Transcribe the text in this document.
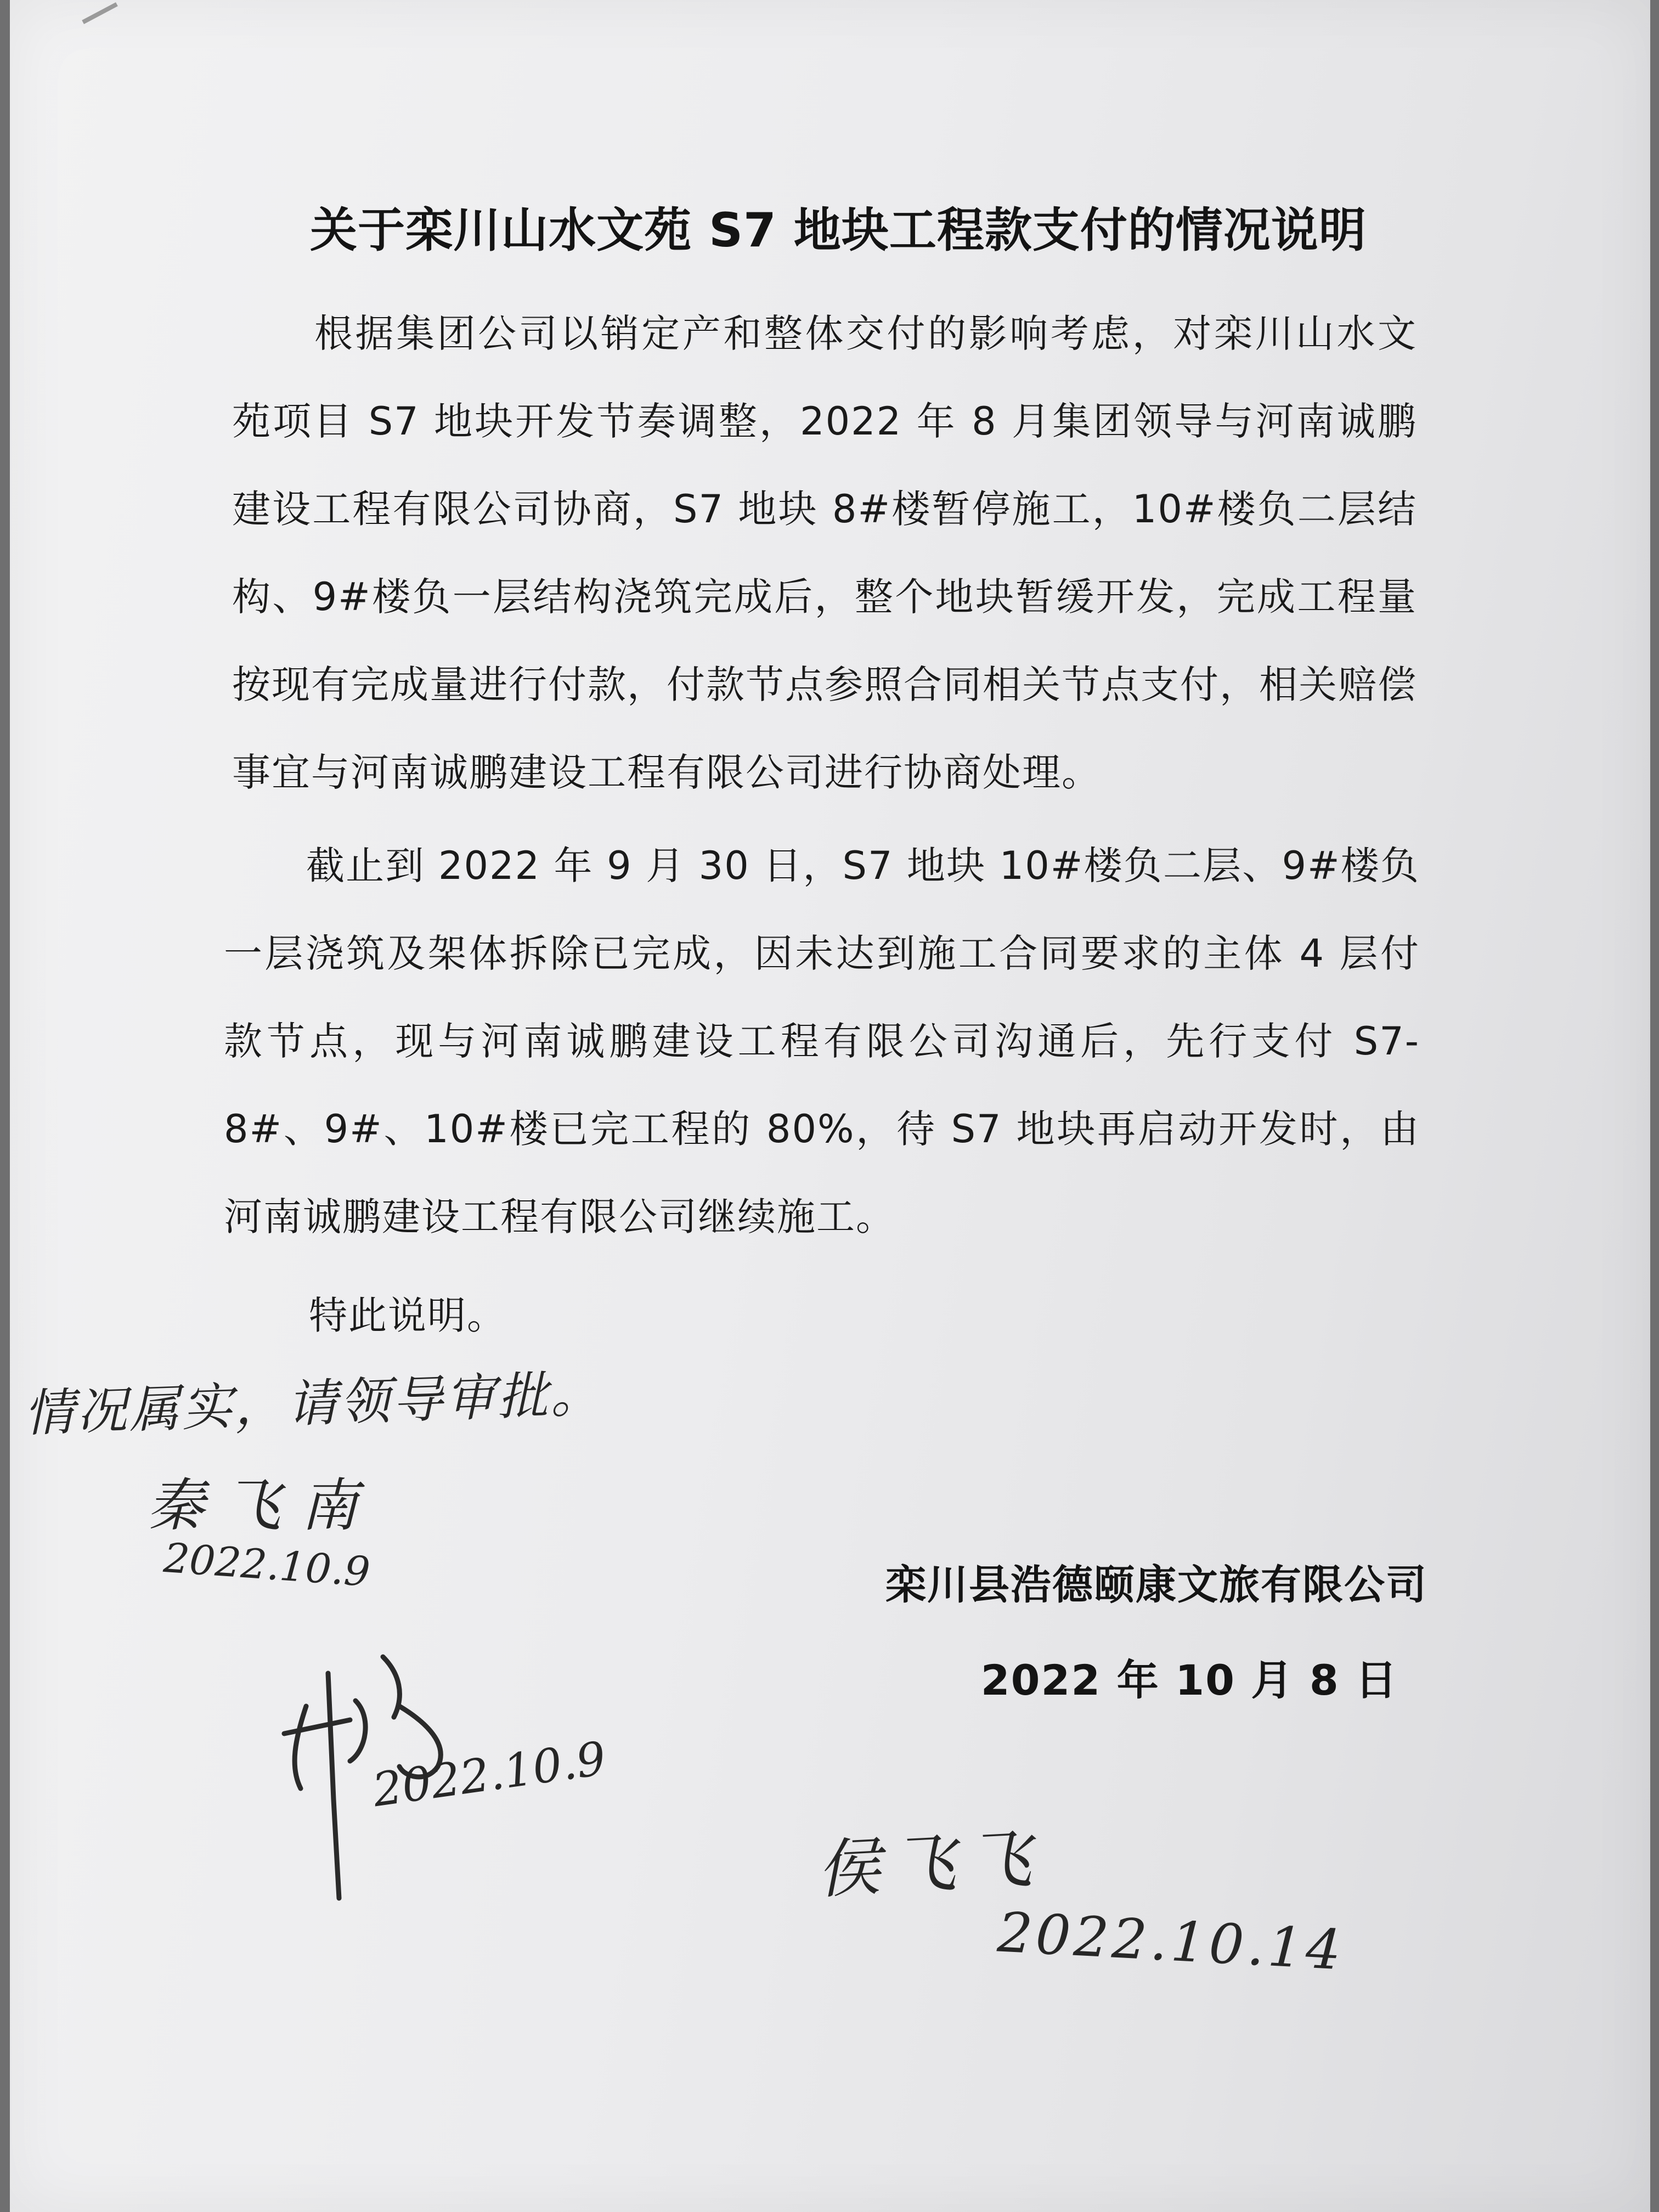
关于栾川山水文苑 S7 地块工程款支付的情况说明

根据集团公司以销定产和整体交付的影响考虑，对栾川山水文苑项目 S7 地块开发节奏调整，2022 年 8 月集团领导与河南诚鹏建设工程有限公司协商，S7 地块 8#楼暂停施工，10#楼负二层结构、9#楼负一层结构浇筑完成后，整个地块暂缓开发，完成工程量按现有完成量进行付款，付款节点参照合同相关节点支付，相关赔偿事宜与河南诚鹏建设工程有限公司进行协商处理。

截止到 2022 年 9 月 30 日，S7 地块 10#楼负二层、9#楼负一层浇筑及架体拆除已完成，因未达到施工合同要求的主体 4 层付款节点，现与河南诚鹏建设工程有限公司沟通后，先行支付 S7-8#、9#、10#楼已完工程的 80%，待 S7 地块再启动开发时，由河南诚鹏建设工程有限公司继续施工。

特此说明。

栾川县浩德颐康文旅有限公司
2022 年 10 月 8 日
情况属实，请领导审批。
秦飞南
2022.10.9
2022.10.9
侯飞飞
2022.10.14
